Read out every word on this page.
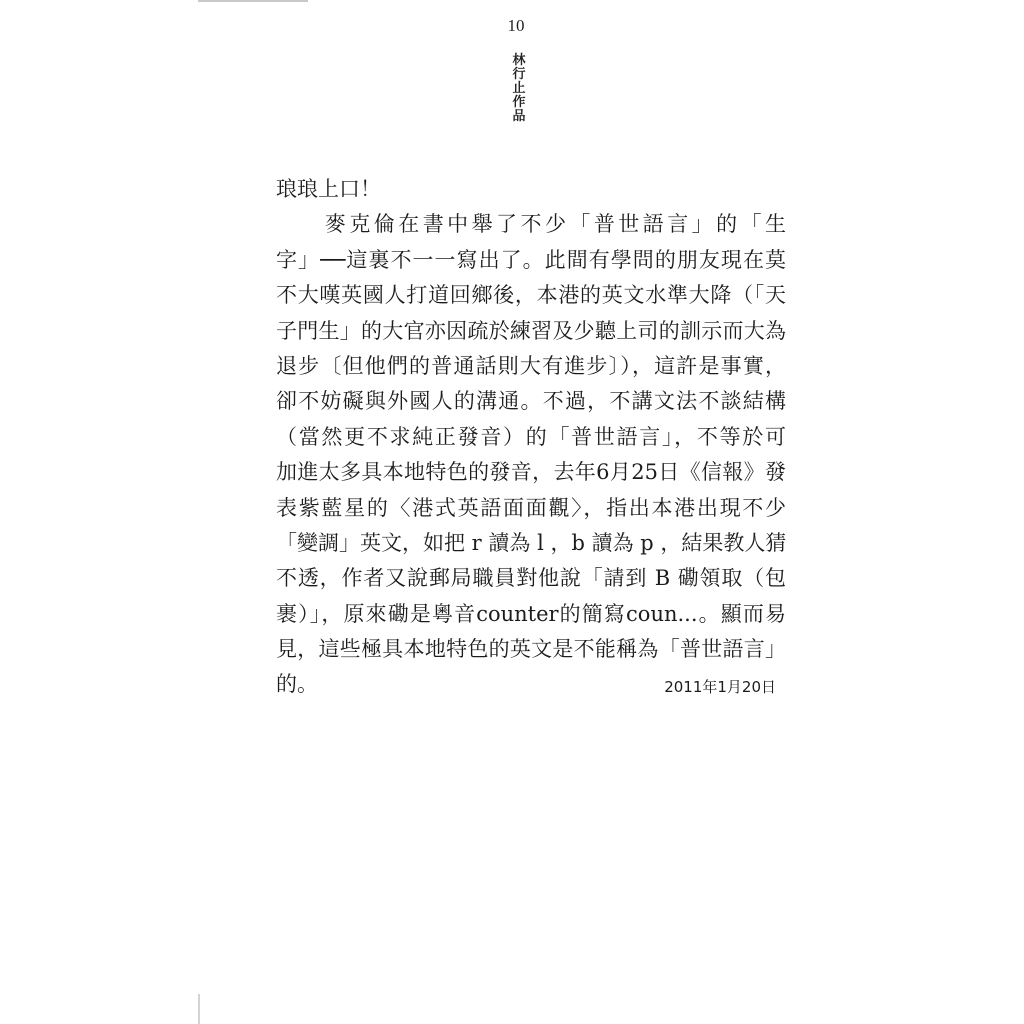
10
林
行
止
作
品
琅琅上口！
　　麥克倫在書中舉了不少「普世語言」的「生
字」──這裏不一一寫出了。此間有學問的朋友現在莫
不大嘆英國人打道回鄉後，本港的英文水準大降（「天
子門生」的大官亦因疏於練習及少聽上司的訓示而大為
退步〔但他們的普通話則大有進步〕），這許是事實，
卻不妨礙與外國人的溝通。不過，不講文法不談結構
（當然更不求純正發音）的「普世語言」，不等於可
加進太多具本地特色的發音，去年6月25日《信報》發
表紫藍星的〈港式英語面面觀〉，指出本港出現不少
「變調」英文，如把 r 讀為 l ，b 讀為 p ，結果教人猜
不透，作者又說郵局職員對他說「請到 B 磡領取（包
裹）」，原來磡是粵音counter的簡寫coun...。顯而易
見，這些極具本地特色的英文是不能稱為「普世語言」
的。	2011年1月20日
